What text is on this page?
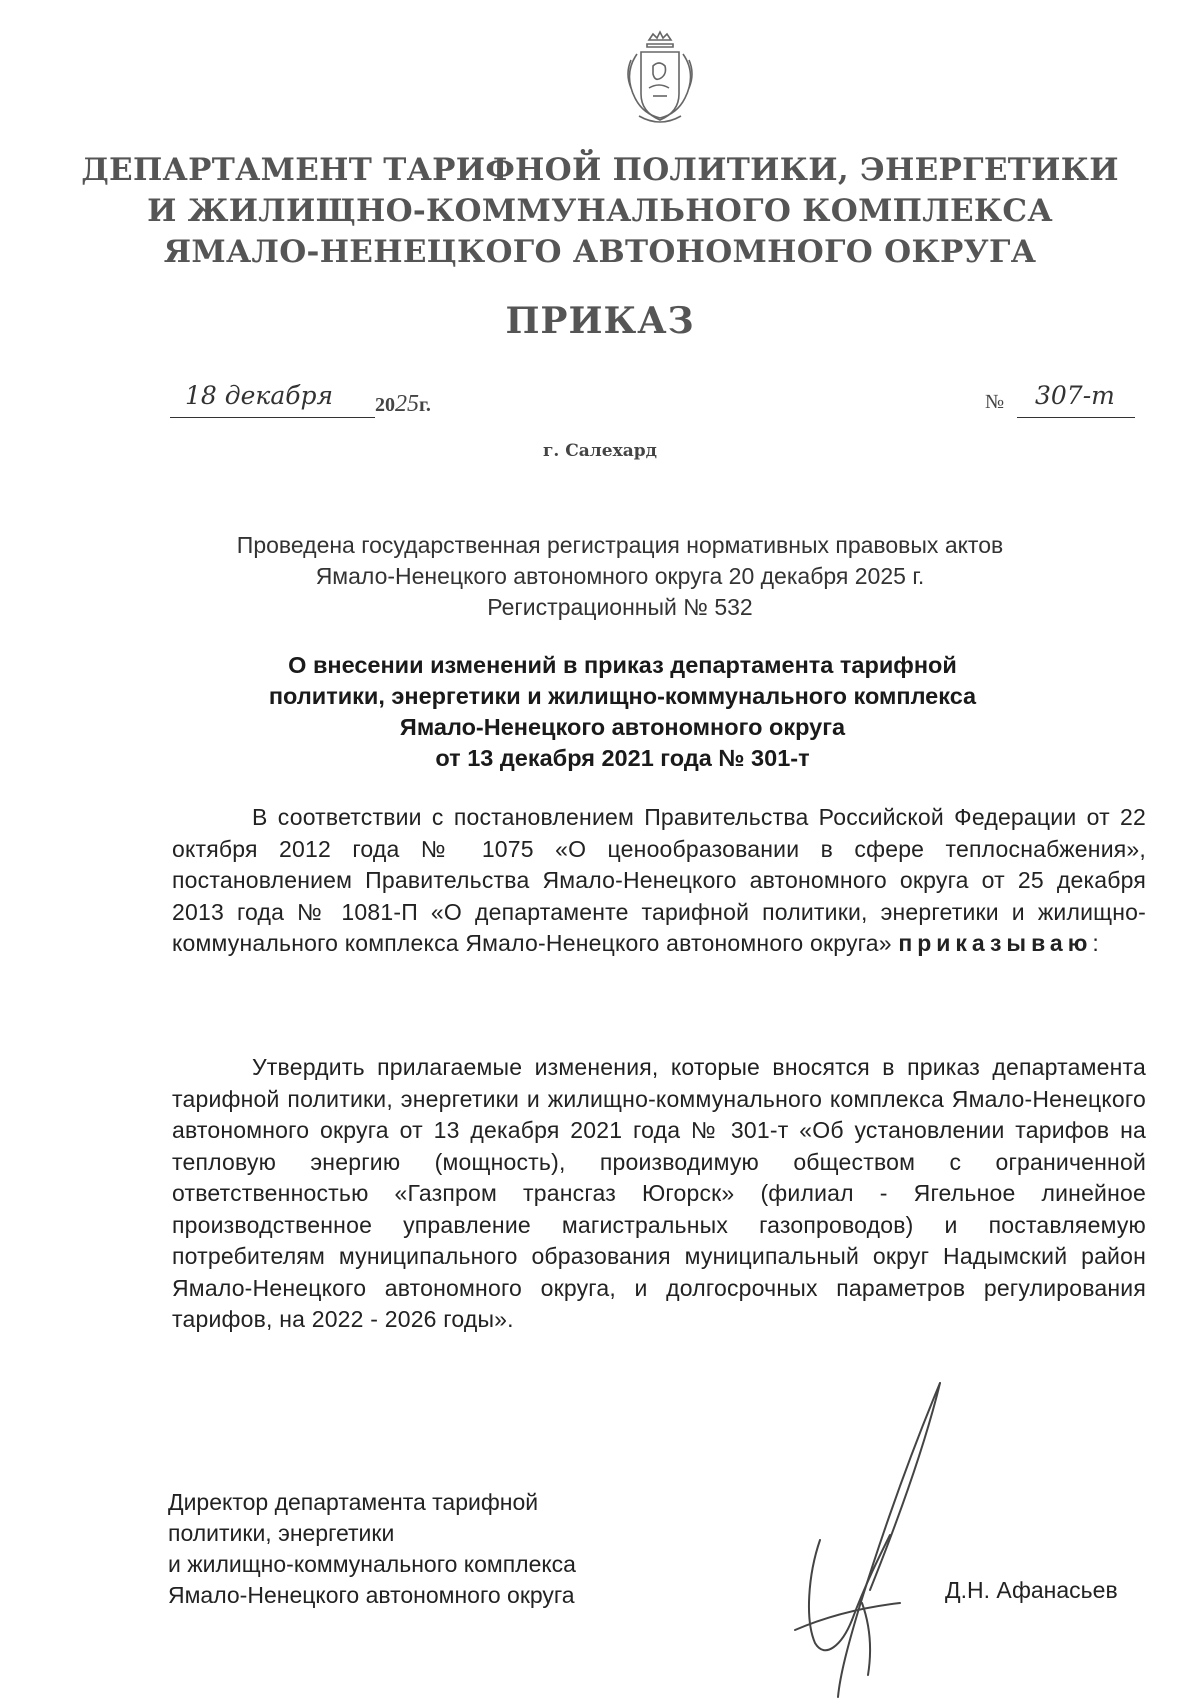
ДЕПАРТАМЕНТ ТАРИФНОЙ ПОЛИТИКИ, ЭНЕРГЕТИКИ
И ЖИЛИЩНО-КОММУНАЛЬНОГО КОМПЛЕКСА
ЯМАЛО-НЕНЕЦКОГО АВТОНОМНОГО ОКРУГА
ПРИКАЗ
18 декабря 2025г.	№ 307-т
г. Салехард
Проведена государственная регистрация нормативных правовых актов
Ямало-Ненецкого автономного округа 20 декабря 2025 г.
Регистрационный № 532
О внесении изменений в приказ департамента тарифной
политики, энергетики и жилищно-коммунального комплекса
Ямало-Ненецкого автономного округа
от 13 декабря 2021 года № 301-т
В соответствии с постановлением Правительства Российской Федерации от 22 октября 2012 года № 1075 «О ценообразовании в сфере теплоснабжения», постановлением Правительства Ямало-Ненецкого автономного округа от 25 декабря 2013 года № 1081-П «О департаменте тарифной политики, энергетики и жилищно-коммунального комплекса Ямало-Ненецкого автономного округа» приказываю:
Утвердить прилагаемые изменения, которые вносятся в приказ департамента тарифной политики, энергетики и жилищно-коммунального комплекса Ямало-Ненецкого автономного округа от 13 декабря 2021 года № 301-т «Об установлении тарифов на тепловую энергию (мощность), производимую обществом с ограниченной ответственностью «Газпром трансгаз Югорск» (филиал - Ягельное линейное производственное управление магистральных газопроводов) и поставляемую потребителям муниципального образования муниципальный округ Надымский район Ямало-Ненецкого автономного округа, и долгосрочных параметров регулирования тарифов, на 2022 - 2026 годы».
Директор департамента тарифной
политики, энергетики
и жилищно-коммунального комплекса
Ямало-Ненецкого автономного округа	Д.Н. Афанасьев
